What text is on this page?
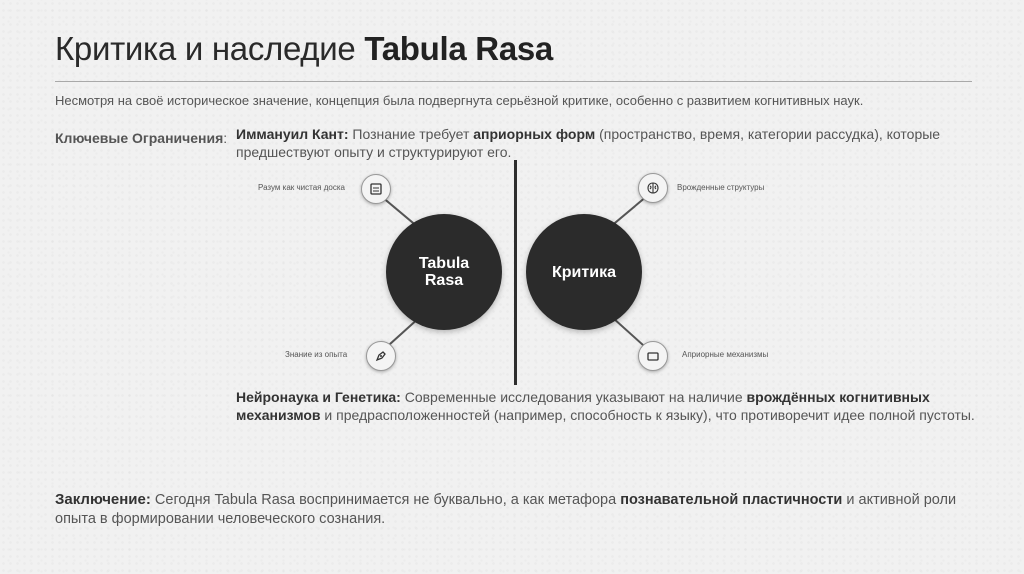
Критика и наследие Tabula Rasa
Несмотря на своё историческое значение, концепция была подвергнута серьёзной критике, особенно с развитием когнитивных наук.
Ключевые Ограничения: Иммануил Кант: Познание требует априорных форм (пространство, время, категории рассудка), которые предшествуют опыту и структурируют его.
Tabula Rasa	Критика
Разум как чистая доска
Знание из опыта
Врожденные структуры
Априорные механизмы
Нейронаука и Генетика: Современные исследования указывают на наличие врождённых когнитивных механизмов и предрасположенностей (например, способность к языку), что противоречит идее полной пустоты.
Заключение: Сегодня Tabula Rasa воспринимается не буквально, а как метафора познавательной пластичности и активной роли опыта в формировании человеческого сознания.
